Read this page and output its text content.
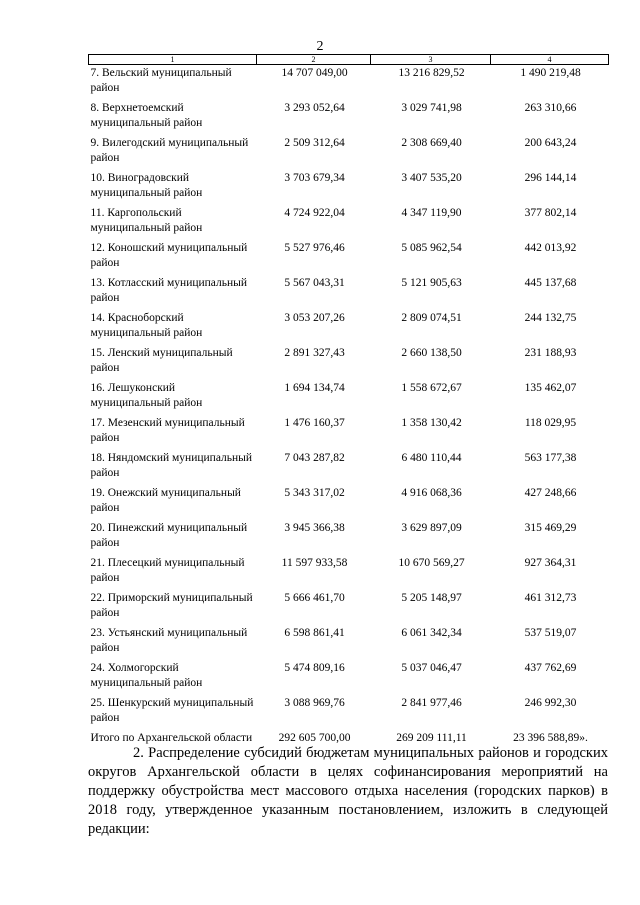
2
1	2	3	4
7. Вельский муниципальный район	14 707 049,00	13 216 829,52	1 490 219,48
8. Верхнетоемский муниципальный район	3 293 052,64	3 029 741,98	263 310,66
9. Вилегодский муниципальный район	2 509 312,64	2 308 669,40	200 643,24
10. Виноградовский муниципальный район	3 703 679,34	3 407 535,20	296 144,14
11. Каргопольский муниципальный район	4 724 922,04	4 347 119,90	377 802,14
12. Коношский муниципальный район	5 527 976,46	5 085 962,54	442 013,92
13. Котласский муниципальный район	5 567 043,31	5 121 905,63	445 137,68
14. Красноборский муниципальный район	3 053 207,26	2 809 074,51	244 132,75
15. Ленский муниципальный район	2 891 327,43	2 660 138,50	231 188,93
16. Лешуконский муниципальный район	1 694 134,74	1 558 672,67	135 462,07
17. Мезенский муниципальный район	1 476 160,37	1 358 130,42	118 029,95
18. Няндомский муниципальный район	7 043 287,82	6 480 110,44	563 177,38
19. Онежский муниципальный район	5 343 317,02	4 916 068,36	427 248,66
20. Пинежский муниципальный район	3 945 366,38	3 629 897,09	315 469,29
21. Плесецкий муниципальный район	11 597 933,58	10 670 569,27	927 364,31
22. Приморский муниципальный район	5 666 461,70	5 205 148,97	461 312,73
23. Устьянский муниципальный район	6 598 861,41	6 061 342,34	537 519,07
24. Холмогорский муниципальный район	5 474 809,16	5 037 046,47	437 762,69
25. Шенкурский муниципальный район	3 088 969,76	2 841 977,46	246 992,30
Итого по Архангельской области	292 605 700,00	269 209 111,11	23 396 588,89».

2. Распределение субсидий бюджетам муниципальных районов и городских округов Архангельской области в целях софинансирования мероприятий на поддержку обустройства мест массового отдыха населения (городских парков) в 2018 году, утвержденное указанным постановлением, изложить в следующей редакции:
